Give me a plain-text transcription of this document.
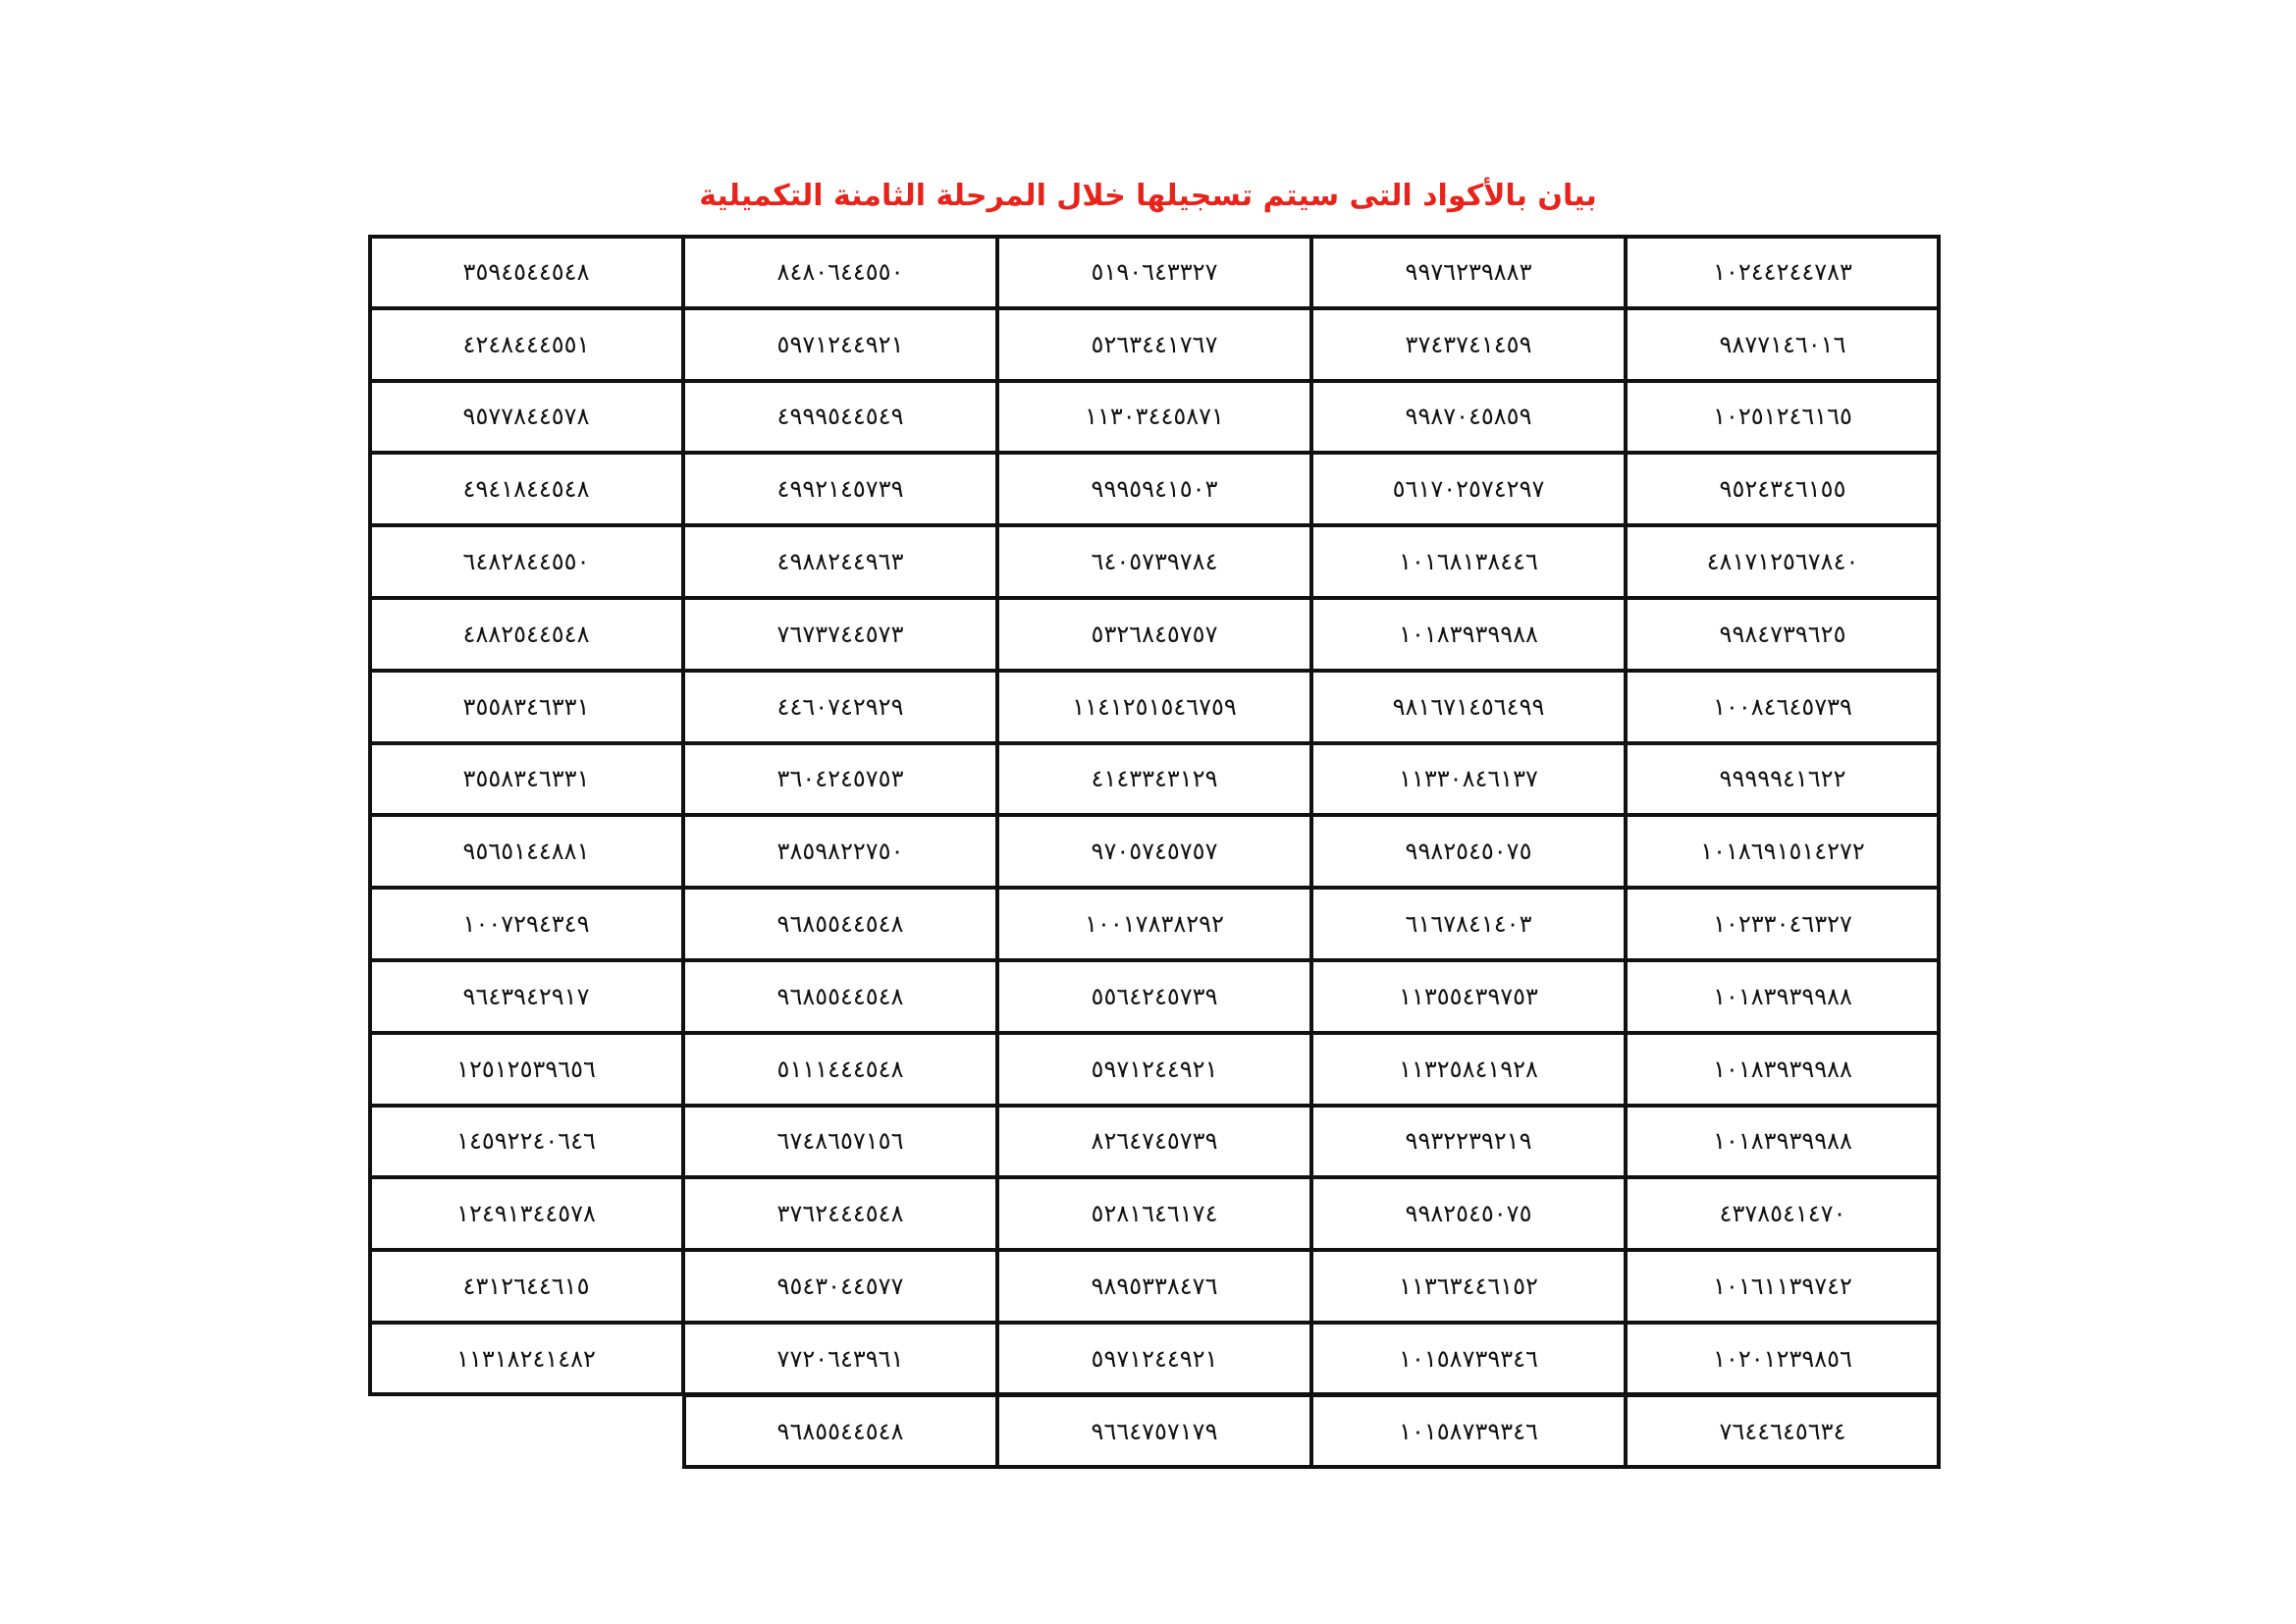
بيان بالأكواد التى سيتم تسجيلها خلال المرحلة الثامنة التكميلية
١٠٢٤٤٢٤٤٧٨٣
٩٩٧٦٢٣٩٨٨٣
٥١٩٠٦٤٣٣٢٧
٨٤٨٠٦٤٤٥٥٠
٣٥٩٤٥٤٤٥٤٨
٩٨٧٧١٤٦٠١٦
٣٧٤٣٧٤١٤٥٩
٥٢٦٣٤٤١٧٦٧
٥٩٧١٢٤٤٩٢١
٤٢٤٨٤٤٤٥٥١
١٠٢٥١٢٤٦١٦٥
٩٩٨٧٠٤٥٨٥٩
١١٣٠٣٤٤٥٨٧١
٤٩٩٩٥٤٤٥٤٩
٩٥٧٧٨٤٤٥٧٨
٩٥٢٤٣٤٦١٥٥
٥٦١٧٠٢٥٧٤٢٩٧
٩٩٩٥٩٤١٥٠٣
٤٩٩٢١٤٥٧٣٩
٤٩٤١٨٤٤٥٤٨
٤٨١٧١٢٥٦٧٨٤٠
١٠١٦٨١٣٨٤٤٦
٦٤٠٥٧٣٩٧٨٤
٤٩٨٨٢٤٤٩٦٣
٦٤٨٢٨٤٤٥٥٠
٩٩٨٤٧٣٩٦٢٥
١٠١٨٣٩٣٩٩٨٨
٥٣٢٦٨٤٥٧٥٧
٧٦٧٣٧٤٤٥٧٣
٤٨٨٢٥٤٤٥٤٨
١٠٠٨٤٦٤٥٧٣٩
٩٨١٦٧١٤٥٦٤٩٩
١١٤١٢٥١٥٤٦٧٥٩
٤٤٦٠٧٤٢٩٢٩
٣٥٥٨٣٤٦٣٣١
٩٩٩٩٩٤١٦٢٢
١١٣٣٠٨٤٦١٣٧
٤١٤٣٣٤٣١٢٩
٣٦٠٤٢٤٥٧٥٣
٣٥٥٨٣٤٦٣٣١
١٠١٨٦٩١٥١٤٢٧٢
٩٩٨٢٥٤٥٠٧٥
٩٧٠٥٧٤٥٧٥٧
٣٨٥٩٨٢٢٧٥٠
٩٥٦٥١٤٤٨٨١
١٠٢٣٣٠٤٦٣٢٧
٦١٦٧٨٤١٤٠٣
١٠٠١٧٨٣٨٢٩٢
٩٦٨٥٥٤٤٥٤٨
١٠٠٧٢٩٤٣٤٩
١٠١٨٣٩٣٩٩٨٨
١١٣٥٥٤٣٩٧٥٣
٥٥٦٤٢٤٥٧٣٩
٩٦٨٥٥٤٤٥٤٨
٩٦٤٣٩٤٢٩١٧
١٠١٨٣٩٣٩٩٨٨
١١٣٢٥٨٤١٩٢٨
٥٩٧١٢٤٤٩٢١
٥١١١٤٤٤٥٤٨
١٢٥١٢٥٣٩٦٥٦
١٠١٨٣٩٣٩٩٨٨
٩٩٣٢٢٣٩٢١٩
٨٢٦٤٧٤٥٧٣٩
٦٧٤٨٦٥٧١٥٦
١٤٥٩٢٢٤٠٦٤٦
٤٣٧٨٥٤١٤٧٠
٩٩٨٢٥٤٥٠٧٥
٥٢٨١٦٤٦١٧٤
٣٧٦٢٤٤٤٥٤٨
١٢٤٩١٣٤٤٥٧٨
١٠١٦١١٣٩٧٤٢
١١٣٦٣٤٤٦١٥٢
٩٨٩٥٣٣٨٤٧٦
٩٥٤٣٠٤٤٥٧٧
٤٣١٢٦٤٤٦١٥
١٠٢٠١٢٣٩٨٥٦
١٠١٥٨٧٣٩٣٤٦
٥٩٧١٢٤٤٩٢١
٧٧٢٠٦٤٣٩٦١
١١٣١٨٢٤١٤٨٢
٧٦٤٤٦٤٥٦٣٤
١٠١٥٨٧٣٩٣٤٦
٩٦٦٤٧٥٧١٧٩
٩٦٨٥٥٤٤٥٤٨
